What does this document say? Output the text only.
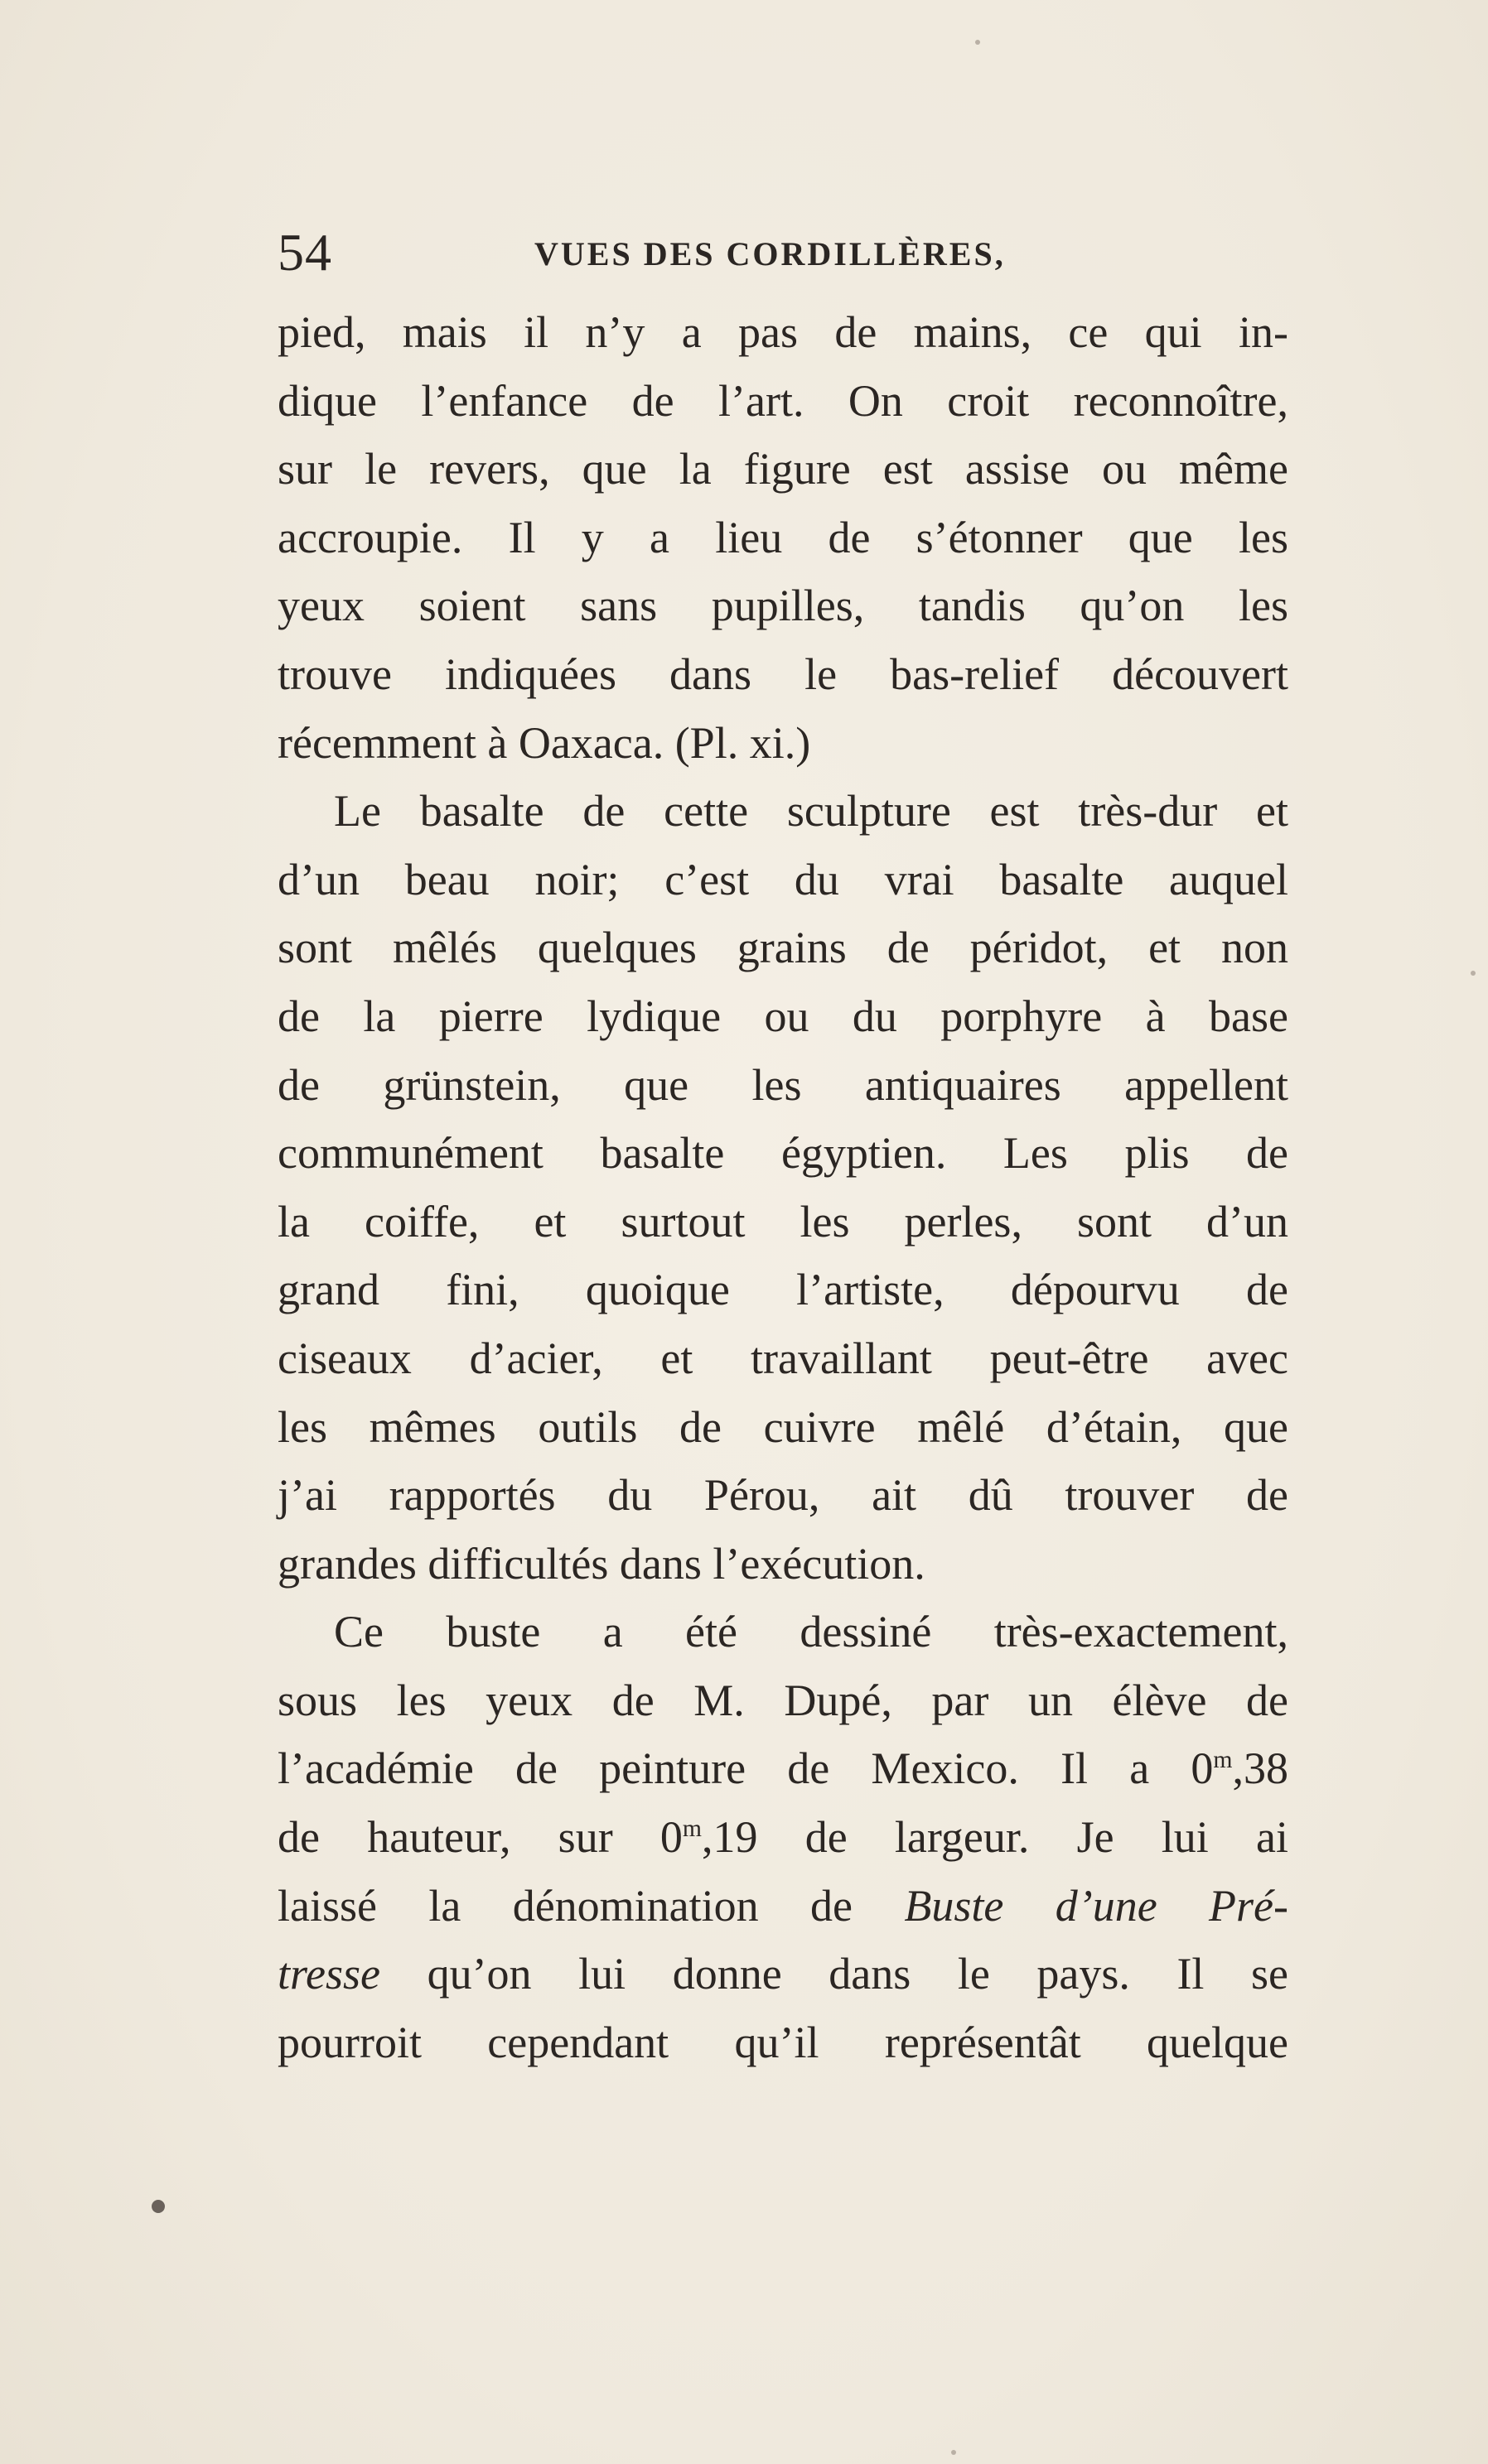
54	VUES DES CORDILLÈRES,
pied, mais il n’y a pas de mains, ce qui in-
dique l’enfance de l’art. On croit reconnoître,
sur le revers, que la figure est assise ou même
accroupie. Il y a lieu de s’étonner que les
yeux soient sans pupilles, tandis qu’on les
trouve indiquées dans le bas-relief découvert
récemment à Oaxaca. (Pl. xi.)
Le basalte de cette sculpture est très-dur et
d’un beau noir; c’est du vrai basalte auquel
sont mêlés quelques grains de péridot, et non
de la pierre lydique ou du porphyre à base
de grünstein, que les antiquaires appellent
communément basalte égyptien. Les plis de
la coiffe, et surtout les perles, sont d’un
grand fini, quoique l’artiste, dépourvu de
ciseaux d’acier, et travaillant peut-être avec
les mêmes outils de cuivre mêlé d’étain, que
j’ai rapportés du Pérou, ait dû trouver de
grandes difficultés dans l’exécution.
Ce buste a été dessiné très-exactement,
sous les yeux de M. Dupé, par un élève de
l’académie de peinture de Mexico. Il a 0$^m$,38
de hauteur, sur 0$^m$,19 de largeur. Je lui ai
laissé la dénomination de Buste d’une Pré-
tresse qu’on lui donne dans le pays. Il se
pourroit cependant qu’il représentât quelque
